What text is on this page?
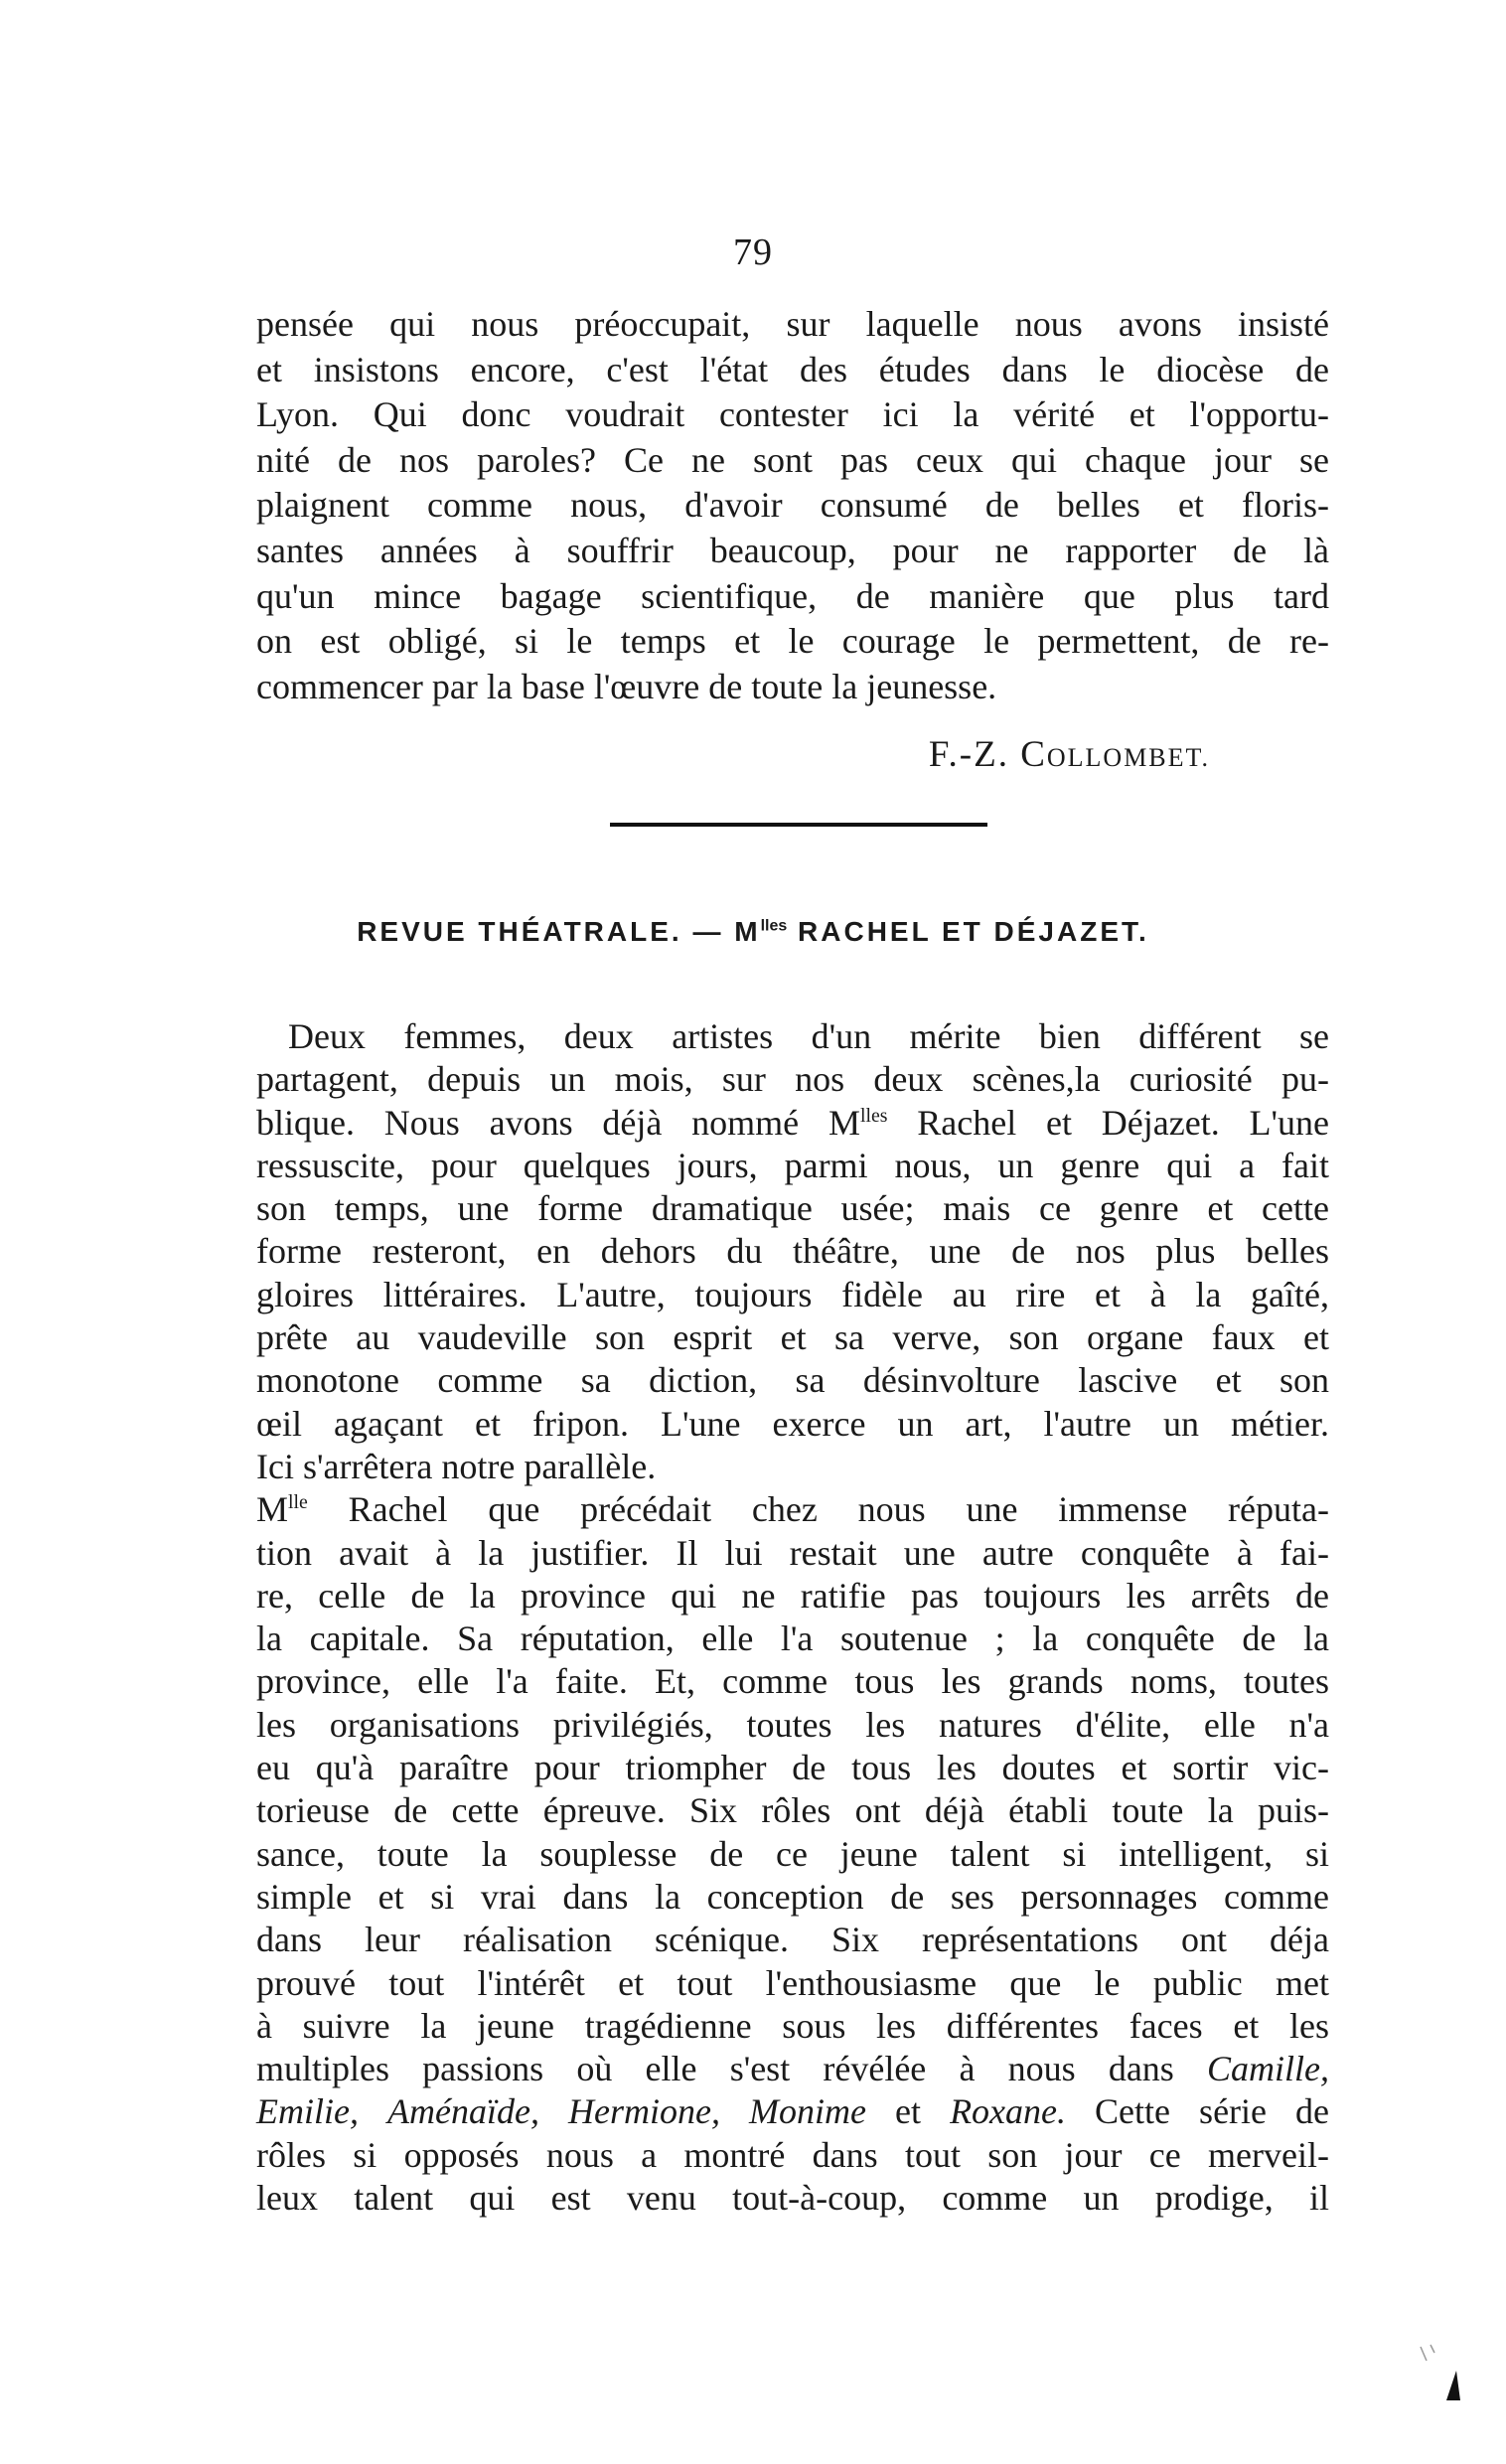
79
pensée qui nous préoccupait, sur laquelle nous avons insisté
et insistons encore, c'est l'état des études dans le diocèse de
Lyon. Qui donc voudrait contester ici la vérité et l'opportu-
nité de nos paroles? Ce ne sont pas ceux qui chaque jour se
plaignent comme nous, d'avoir consumé de belles et floris-
santes années à souffrir beaucoup, pour ne rapporter de là
qu'un mince bagage scientifique, de manière que plus tard
on est obligé, si le temps et le courage le permettent, de re-
commencer par la base l'œuvre de toute la jeunesse.
F.-Z. COLLOMBET.
REVUE THÉATRALE. — $M^{lles}$ RACHEL ET DÉJAZET.
Deux femmes, deux artistes d'un mérite bien différent se
partagent, depuis un mois, sur nos deux scènes,la curiosité pu-
blique. Nous avons déjà nommé $M^{lles}$ Rachel et Déjazet. L'une
ressuscite, pour quelques jours, parmi nous, un genre qui a fait
son temps, une forme dramatique usée; mais ce genre et cette
forme resteront, en dehors du théâtre, une de nos plus belles
gloires littéraires. L'autre, toujours fidèle au rire et à la gaîté,
prête au vaudeville son esprit et sa verve, son organe faux et
monotone comme sa diction, sa désinvolture lascive et son
œil agaçant et fripon. L'une exerce un art, l'autre un métier.
Ici s'arrêtera notre parallèle.
$M^{lle}$ Rachel que précédait chez nous une immense réputa-
tion avait à la justifier. Il lui restait une autre conquête à fai-
re, celle de la province qui ne ratifie pas toujours les arrêts de
la capitale. Sa réputation, elle l'a soutenue ; la conquête de la
province, elle l'a faite. Et, comme tous les grands noms, toutes
les organisations privilégiés, toutes les natures d'élite, elle n'a
eu qu'à paraître pour triompher de tous les doutes et sortir vic-
torieuse de cette épreuve. Six rôles ont déjà établi toute la puis-
sance, toute la souplesse de ce jeune talent si intelligent, si
simple et si vrai dans la conception de ses personnages comme
dans leur réalisation scénique. Six représentations ont déja
prouvé tout l'intérêt et tout l'enthousiasme que le public met
à suivre la jeune tragédienne sous les différentes faces et les
multiples passions où elle s'est révélée à nous dans Camille,
Emilie, Aménaïde, Hermione, Monime et Roxane. Cette série de
rôles si opposés nous a montré dans tout son jour ce merveil-
leux talent qui est venu tout-à-coup, comme un prodige, il
